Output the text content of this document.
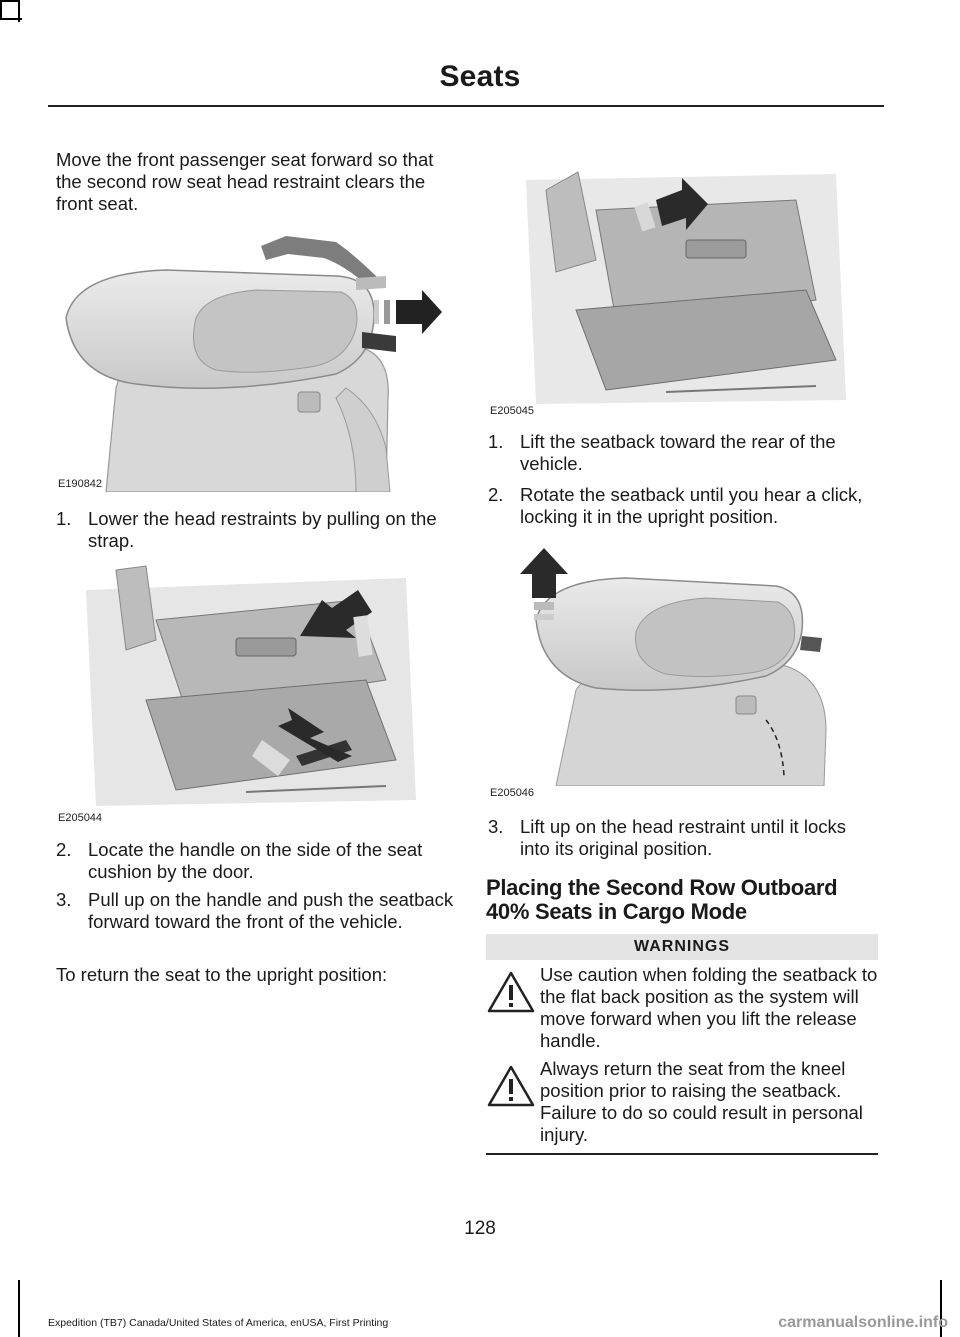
Seats

Move the front passenger seat forward so that the second row seat head restraint clears the front seat.

E190842
1. Lower the head restraints by pulling on the strap.
E205044
2. Locate the handle on the side of the seat cushion by the door.
3. Pull up on the handle and push the seatback forward toward the front of the vehicle.

To return the seat to the upright position:

E205045
1. Lift the seatback toward the rear of the vehicle.
2. Rotate the seatback until you hear a click, locking it in the upright position.
E205046
3. Lift up on the head restraint until it locks into its original position.
Placing the Second Row Outboard 40% Seats in Cargo Mode
WARNINGS
Use caution when folding the seatback to the flat back position as the system will move forward when you lift the release handle.
Always return the seat from the kneel position prior to raising the seatback. Failure to do so could result in personal injury.
128
Expedition (TB7) Canada/United States of America, enUSA, First Printing	carmanualsonline.info
